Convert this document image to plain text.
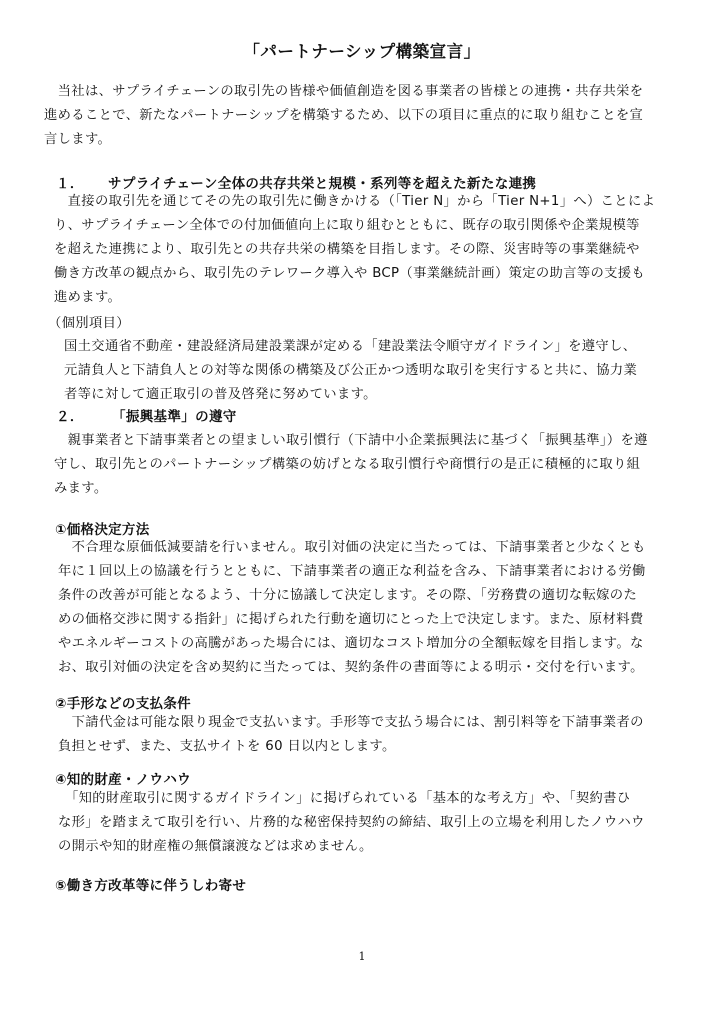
「パートナーシップ構築宣言」
　当社は、サプライチェーンの取引先の皆様や価値創造を図る事業者の皆様との連携・共存共栄を
進めることで、新たなパートナーシップを構築するため、以下の項目に重点的に取り組むことを宣
言します。
１． サプライチェーン全体の共存共栄と規模・系列等を超えた新たな連携
　直接の取引先を通じてその先の取引先に働きかける（「Tier N」から「Tier N+1」へ）ことによ
り、サプライチェーン全体での付加価値向上に取り組むとともに、既存の取引関係や企業規模等
を超えた連携により、取引先との共存共栄の構築を目指します。その際、災害時等の事業継続や
働き方改革の観点から、取引先のテレワーク導入や BCP（事業継続計画）策定の助言等の支援も
進めます。
（個別項目）
国土交通省不動産・建設経済局建設業課が定める「建設業法令順守ガイドライン」を遵守し、
元請負人と下請負人との対等な関係の構築及び公正かつ透明な取引を実行すると共に、協力業
者等に対して適正取引の普及啓発に努めています。
２． 「振興基準」の遵守
　親事業者と下請事業者との望ましい取引慣行（下請中小企業振興法に基づく「振興基準」）を遵
守し、取引先とのパートナーシップ構築の妨げとなる取引慣行や商慣行の是正に積極的に取り組
みます。
①価格決定方法
　不合理な原価低減要請を行いません。取引対価の決定に当たっては、下請事業者と少なくとも
年に１回以上の協議を行うとともに、下請事業者の適正な利益を含み、下請事業者における労働
条件の改善が可能となるよう、十分に協議して決定します。その際、「労務費の適切な転嫁のた
めの価格交渉に関する指針」に掲げられた行動を適切にとった上で決定します。また、原材料費
やエネルギーコストの高騰があった場合には、適切なコスト増加分の全額転嫁を目指します。な
お、取引対価の決定を含め契約に当たっては、契約条件の書面等による明示・交付を行います。
②手形などの支払条件
　下請代金は可能な限り現金で支払います。手形等で支払う場合には、割引料等を下請事業者の
負担とせず、また、支払サイトを 60 日以内とします。
④知的財産・ノウハウ
　「知的財産取引に関するガイドライン」に掲げられている「基本的な考え方」や、「契約書ひ
な形」を踏まえて取引を行い、片務的な秘密保持契約の締結、取引上の立場を利用したノウハウ
の開示や知的財産権の無償譲渡などは求めません。
⑤働き方改革等に伴うしわ寄せ
1
